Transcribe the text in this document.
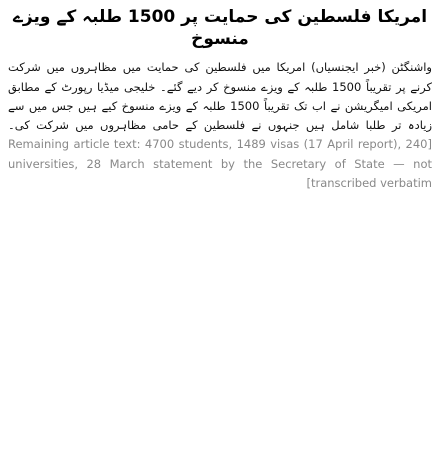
امریکا فلسطین کی حمایت پر 1500 طلبہ کے ویزے منسوخ

واشنگٹن (خبر ایجنسیاں) امریکا میں فلسطین کی حمایت میں مظاہروں میں شرکت کرنے پر تقریباً 1500 طلبہ کے ویزے منسوخ کر دیے گئے۔ خلیجی میڈیا رپورٹ کے مطابق امریکی امیگریشن نے اب تک تقریباً 1500 طلبہ کے ویزے منسوخ کیے ہیں جس میں سے زیادہ تر طلبا شامل ہیں جنہوں نے فلسطین کے حامی مظاہروں میں شرکت کی۔ [Remaining article text: 4700 students, 1489 visas (17 April report), 240 universities, 28 March statement by the Secretary of State — not transcribed verbatim]
